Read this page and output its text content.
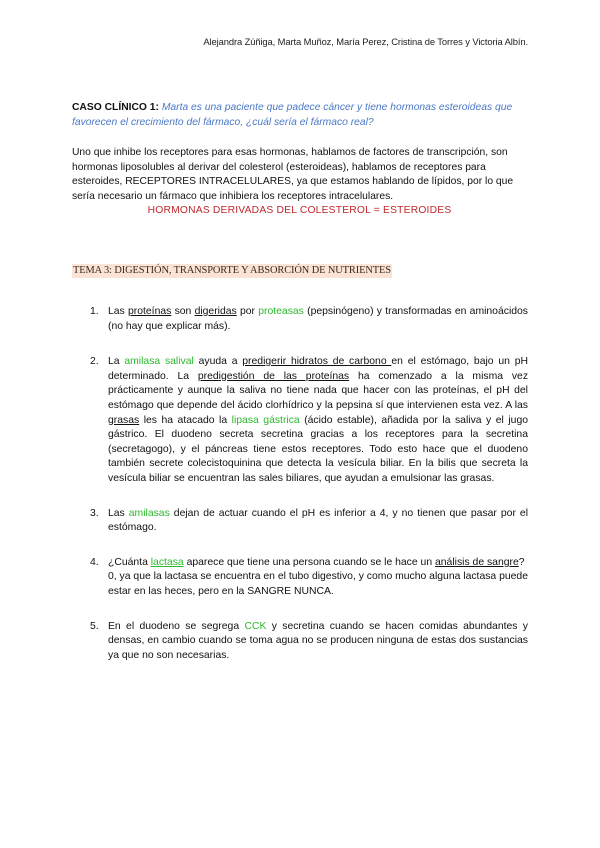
Alejandra Zúñiga, Marta Muñoz, María Perez, Cristina de Torres y Victoria Albín.
CASO CLÍNICO 1: Marta es una paciente que padece cáncer y tiene hormonas esteroideas que favorecen el crecimiento del fármaco, ¿cuál sería el fármaco real?
Uno que inhibe los receptores para esas hormonas, hablamos de factores de transcripción, son hormonas liposolubles al derivar del colesterol (esteroideas), hablamos de receptores para esteroides, RECEPTORES INTRACELULARES, ya que estamos hablando de lípidos, por lo que sería necesario un fármaco que inhibiera los receptores intracelulares.
HORMONAS DERIVADAS DEL COLESTEROL = ESTEROIDES
TEMA 3: DIGESTIÓN, TRANSPORTE Y ABSORCIÓN DE NUTRIENTES
1. Las proteínas son digeridas por proteasas (pepsinógeno) y transformadas en aminoácidos (no hay que explicar más).
2. La amilasa salival ayuda a predigerir hidratos de carbono en el estómago, bajo un pH determinado. La predigestión de las proteínas ha comenzado a la misma vez prácticamente y aunque la saliva no tiene nada que hacer con las proteínas, el pH del estómago que depende del ácido clorhídrico y la pepsina sí que intervienen esta vez. A las grasas les ha atacado la lipasa gástrica (ácido estable), añadida por la saliva y el jugo gástrico. El duodeno secreta secretina gracias a los receptores para la secretina (secretagogo), y el páncreas tiene estos receptores. Todo esto hace que el duodeno también secrete colecistoquinina que detecta la vesícula biliar. En la bilis que secreta la vesícula biliar se encuentran las sales biliares, que ayudan a emulsionar las grasas.
3. Las amilasas dejan de actuar cuando el pH es inferior a 4, y no tienen que pasar por el estómago.
4. ¿Cuánta lactasa aparece que tiene una persona cuando se le hace un análisis de sangre?
0, ya que la lactasa se encuentra en el tubo digestivo, y como mucho alguna lactasa puede estar en las heces, pero en la SANGRE NUNCA.
5. En el duodeno se segrega CCK y secretina cuando se hacen comidas abundantes y densas, en cambio cuando se toma agua no se producen ninguna de estas dos sustancias ya que no son necesarias.
